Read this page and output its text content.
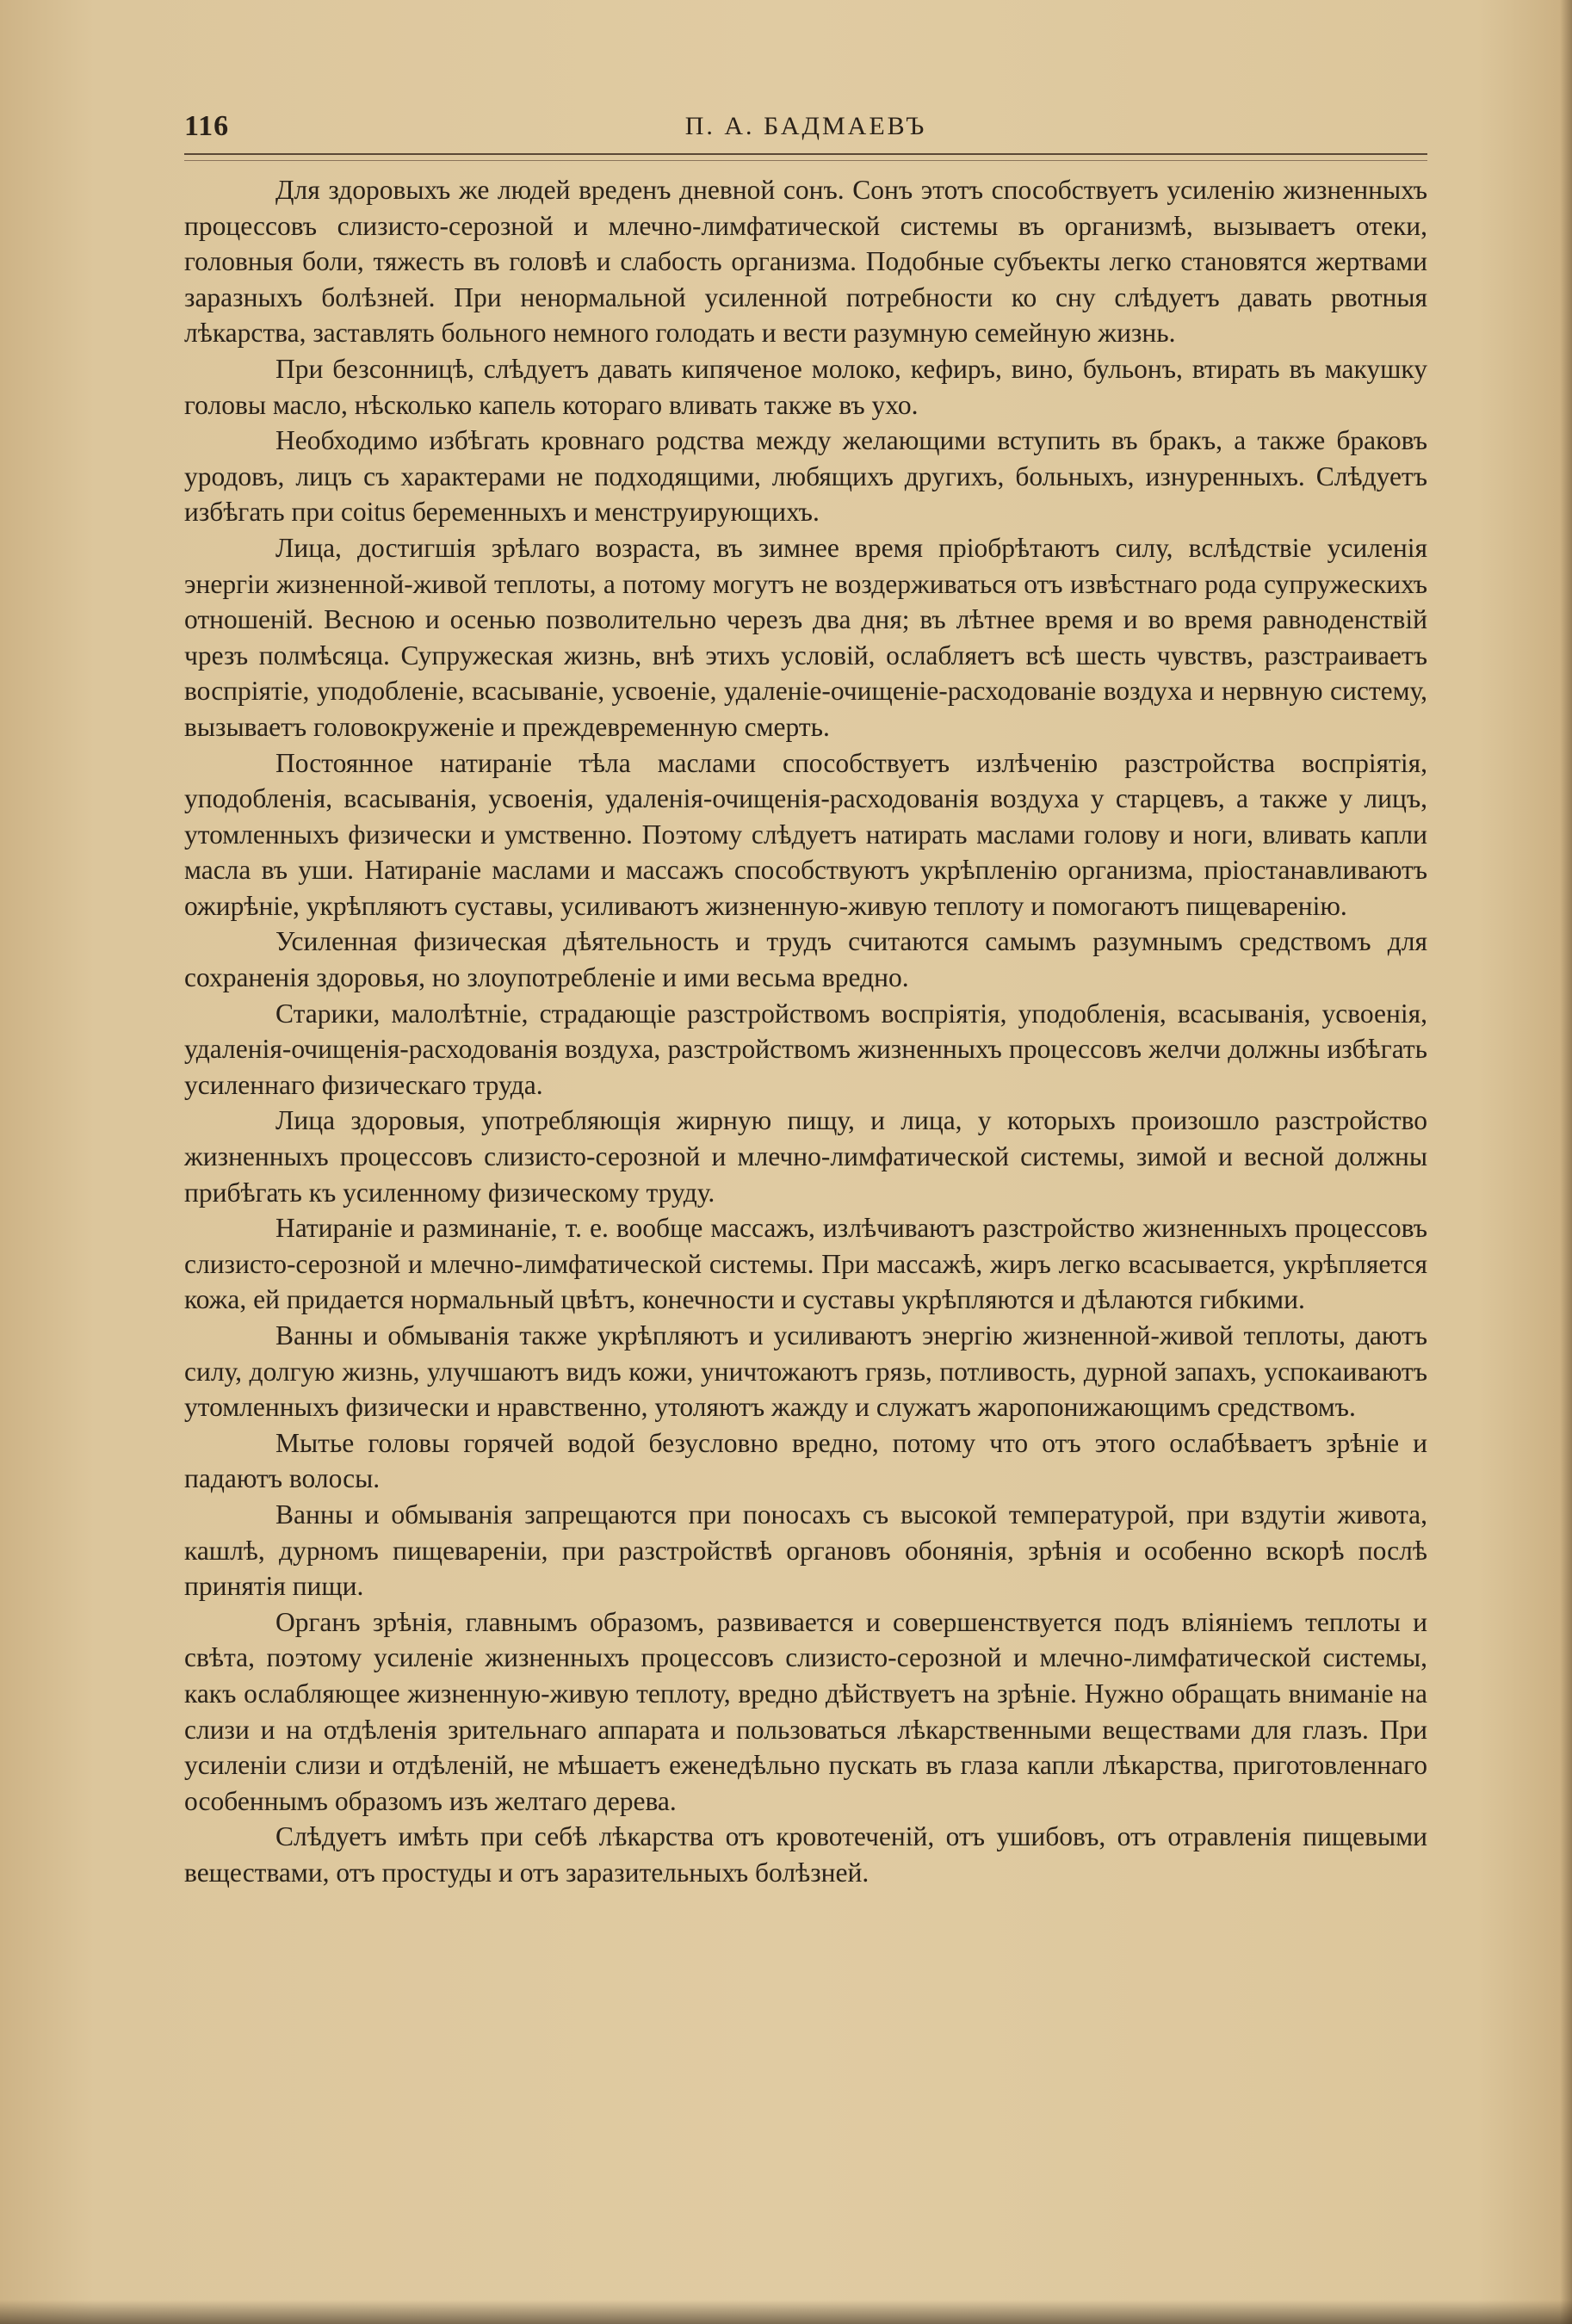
116	П. А. БАДМАЕВЪ

Для здоровыхъ же людей вреденъ дневной сонъ. Сонъ этотъ способствуетъ усиленію жизненныхъ процессовъ слизисто-серозной и млечно-лимфатической системы въ организмѣ, вызываетъ отеки, головныя боли, тяжесть въ головѣ и слабость организма. Подобные субъекты легко становятся жертвами заразныхъ болѣзней. При ненормальной усиленной потребности ко сну слѣдуетъ давать рвотныя лѣкарства, заставлять больного немного голодать и вести разумную семейную жизнь.

При безсонницѣ, слѣдуетъ давать кипяченое молоко, кефиръ, вино, бульонъ, втирать въ макушку головы масло, нѣсколько капель котораго вливать также въ ухо.

Необходимо избѣгать кровнаго родства между желающими вступить въ бракъ, а также браковъ уродовъ, лицъ съ характерами не подходящими, любящихъ другихъ, больныхъ, изнуренныхъ. Слѣдуетъ избѣгать при coitus беременныхъ и менструирующихъ.

Лица, достигшія зрѣлаго возраста, въ зимнее время пріобрѣтаютъ силу, вслѣдствіе усиленія энергіи жизненной-живой теплоты, а потому могутъ не воздерживаться отъ извѣстнаго рода супружескихъ отношеній. Весною и осенью позволительно черезъ два дня; въ лѣтнее время и во время равноденствій чрезъ полмѣсяца. Супружеская жизнь, внѣ этихъ условій, ослабляетъ всѣ шесть чувствъ, разстраиваетъ воспріятіе, уподобленіе, всасываніе, усвоеніе, удаленіе-очищеніе-расходованіе воздуха и нервную систему, вызываетъ головокруженіе и преждевременную смерть.

Постоянное натираніе тѣла маслами способствуетъ излѣченію разстройства воспріятія, уподобленія, всасыванія, усвоенія, удаленія-очищенія-расходованія воздуха у старцевъ, а также у лицъ, утомленныхъ физически и умственно. Поэтому слѣдуетъ натирать маслами голову и ноги, вливать капли масла въ уши. Натираніе маслами и массажъ способствуютъ укрѣпленію организма, пріостанавливаютъ ожирѣніе, укрѣпляютъ суставы, усиливаютъ жизненную-живую теплоту и помогаютъ пищеваренію.

Усиленная физическая дѣятельность и трудъ считаются самымъ разумнымъ средствомъ для сохраненія здоровья, но злоупотребленіе и ими весьма вредно.

Старики, малолѣтніе, страдающіе разстройствомъ воспріятія, уподобленія, всасыванія, усвоенія, удаленія-очищенія-расходованія воздуха, разстройствомъ жизненныхъ процессовъ желчи должны избѣгать усиленнаго физическаго труда.

Лица здоровыя, употребляющія жирную пищу, и лица, у которыхъ произошло разстройство жизненныхъ процессовъ слизисто-серозной и млечно-лимфатической системы, зимой и весной должны прибѣгать къ усиленному физическому труду.

Натираніе и разминаніе, т. е. вообще массажъ, излѣчиваютъ разстройство жизненныхъ процессовъ слизисто-серозной и млечно-лимфатической системы. При массажѣ, жиръ легко всасывается, укрѣпляется кожа, ей придается нормальный цвѣтъ, конечности и суставы укрѣпляются и дѣлаются гибкими.

Ванны и обмыванія также укрѣпляютъ и усиливаютъ энергію жизненной-живой теплоты, даютъ силу, долгую жизнь, улучшаютъ видъ кожи, уничтожаютъ грязь, потливость, дурной запахъ, успокаиваютъ утомленныхъ физически и нравственно, утоляютъ жажду и служатъ жаропонижающимъ средствомъ.

Мытье головы горячей водой безусловно вредно, потому что отъ этого ослабѣваетъ зрѣніе и падаютъ волосы.

Ванны и обмыванія запрещаются при поносахъ съ высокой температурой, при вздутіи живота, кашлѣ, дурномъ пищевареніи, при разстройствѣ органовъ обонянія, зрѣнія и особенно вскорѣ послѣ принятія пищи.

Органъ зрѣнія, главнымъ образомъ, развивается и совершенствуется подъ вліяніемъ теплоты и свѣта, поэтому усиленіе жизненныхъ процессовъ слизисто-серозной и млечно-лимфатической системы, какъ ослабляющее жизненную-живую теплоту, вредно дѣйствуетъ на зрѣніе. Нужно обращать вниманіе на слизи и на отдѣленія зрительнаго аппарата и пользоваться лѣкарственными веществами для глазъ. При усиленіи слизи и отдѣленій, не мѣшаетъ еженедѣльно пускать въ глаза капли лѣкарства, приготовленнаго особеннымъ образомъ изъ желтаго дерева.

Слѣдуетъ имѣть при себѣ лѣкарства отъ кровотеченій, отъ ушибовъ, отъ отравленія пищевыми веществами, отъ простуды и отъ заразительныхъ болѣзней.
